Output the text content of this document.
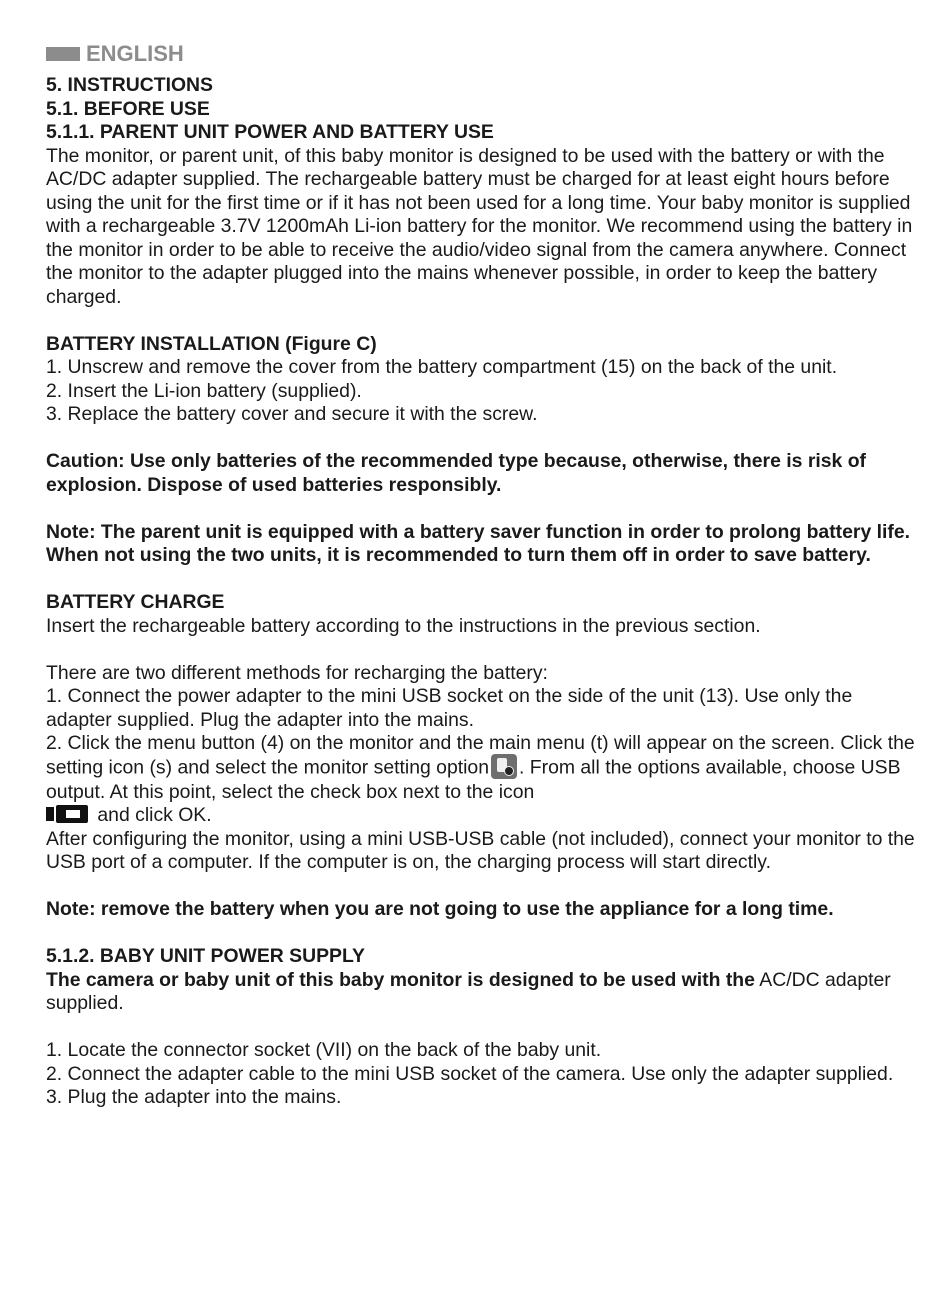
ENGLISH

5. INSTRUCTIONS

5.1. BEFORE USE

5.1.1. PARENT UNIT POWER AND BATTERY USE

The monitor, or parent unit, of this baby monitor is designed to be used with the battery or with the AC/DC adapter supplied. The rechargeable battery must be charged for at least eight hours before using the unit for the first time or if it has not been used for a long time. Your baby monitor is supplied with a rechargeable 3.7V 1200mAh Li-ion battery for the monitor. We recommend using the battery in the monitor in order to be able to receive the audio/video signal from the camera anywhere. Connect the monitor to the adapter plugged into the mains whenever possible, in order to keep the battery charged.

BATTERY INSTALLATION (Figure C)

1. Unscrew and remove the cover from the battery compartment (15) on the back of the unit.

2. Insert the Li-ion battery (supplied).

3. Replace the battery cover and secure it with the screw.

Caution: Use only batteries of the recommended type because, otherwise, there is risk of explosion. Dispose of used batteries responsibly.

Note: The parent unit is equipped with a battery saver function in order to prolong battery life. When not using the two units, it is recommended to turn them off in order to save battery.

BATTERY CHARGE

Insert the rechargeable battery according to the instructions in the previous section.

There are two different methods for recharging the battery:

1. Connect the power adapter to the mini USB socket on the side of the unit (13). Use only the adapter supplied. Plug the adapter into the mains.

2. Click the menu button (4) on the monitor and the main menu (t) will appear on the screen. Click the setting icon (s) and select the monitor setting option . From all the options available, choose USB output. At this point, select the check box next to the icon

and click OK.

After configuring the monitor, using a mini USB-USB cable (not included), connect your monitor to the USB port of a computer. If the computer is on, the charging process will start directly.

Note: remove the battery when you are not going to use the appliance for a long time.

5.1.2. BABY UNIT POWER SUPPLY

The camera or baby unit of this baby monitor is designed to be used with the AC/DC adapter supplied.

1. Locate the connector socket (VII) on the back of the baby unit.

2. Connect the adapter cable to the mini USB socket of the camera. Use only the adapter supplied.

3. Plug the adapter into the mains.
